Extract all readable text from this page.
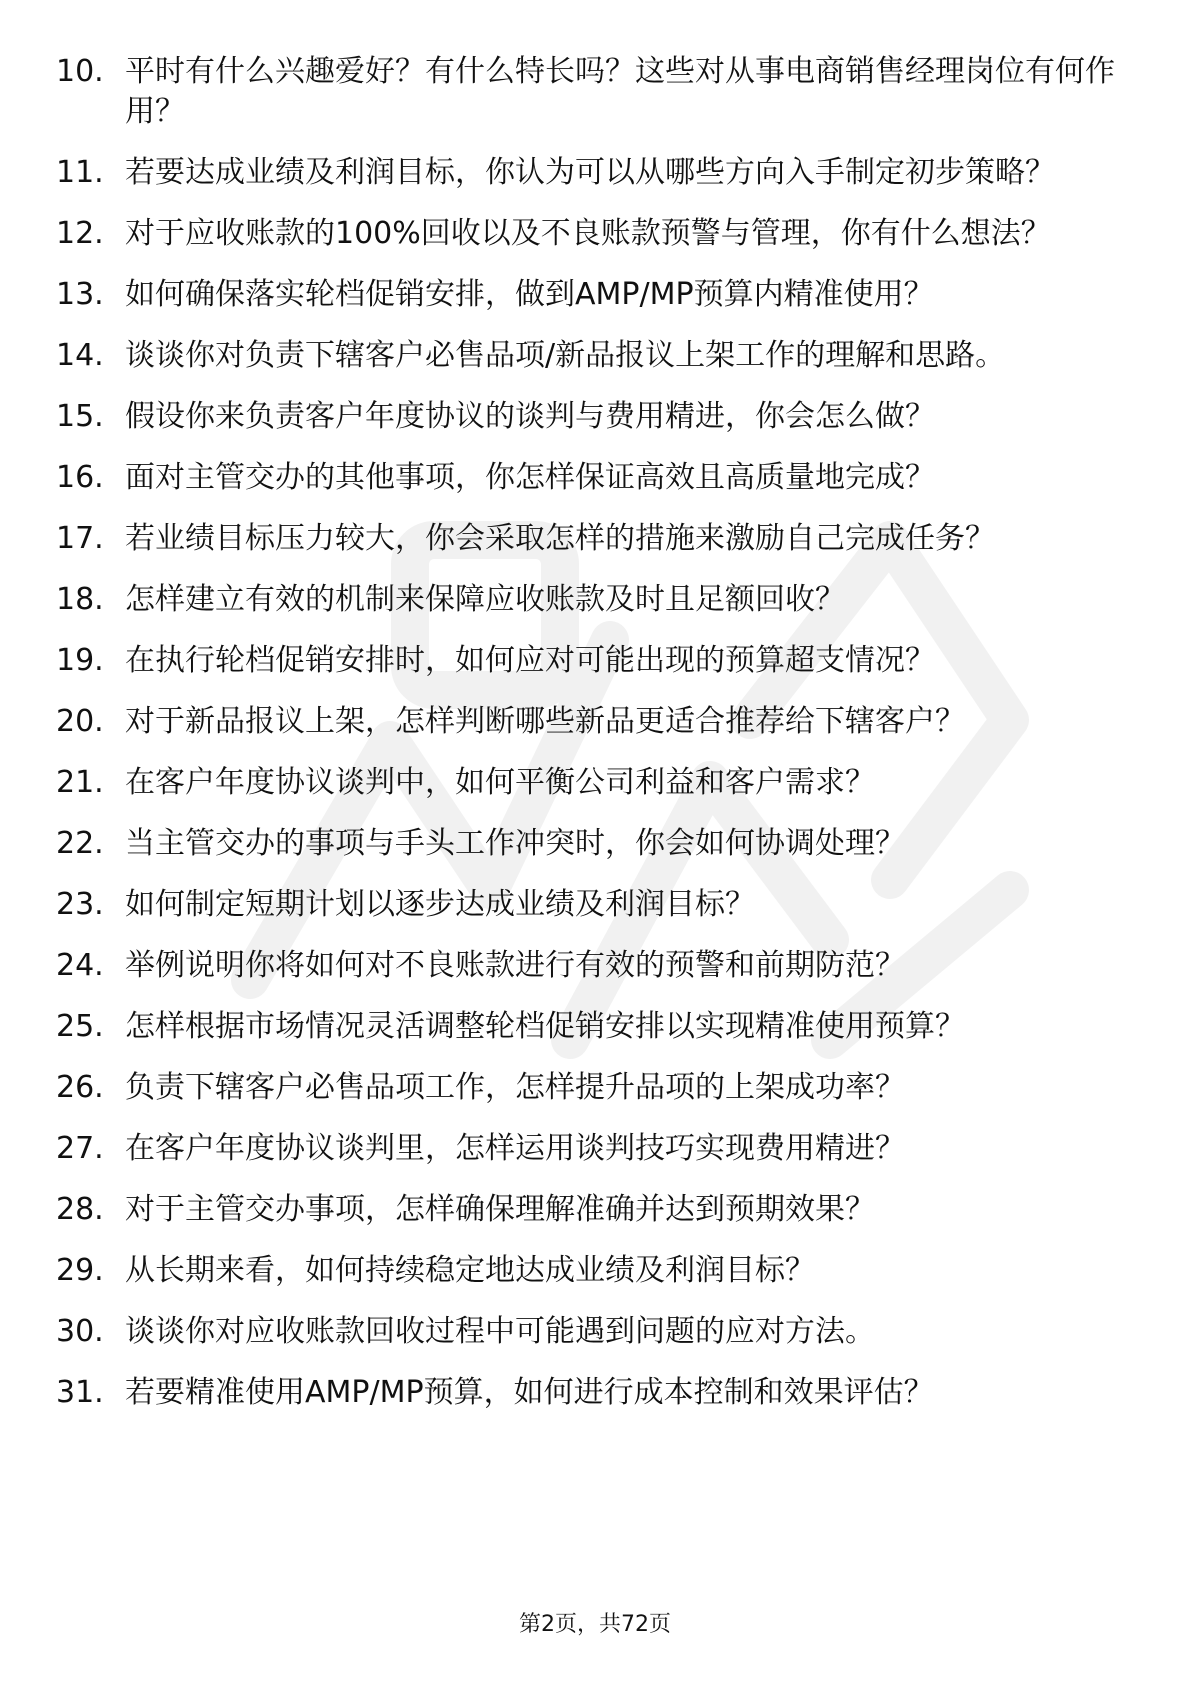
10. 平时有什么兴趣爱好？有什么特长吗？这些对从事电商销售经理岗位有何作用？
11. 若要达成业绩及利润目标，你认为可以从哪些方向入手制定初步策略？
12. 对于应收账款的100%回收以及不良账款预警与管理，你有什么想法？
13. 如何确保落实轮档促销安排，做到AMP/MP预算内精准使用？
14. 谈谈你对负责下辖客户必售品项/新品报议上架工作的理解和思路。
15. 假设你来负责客户年度协议的谈判与费用精进，你会怎么做？
16. 面对主管交办的其他事项，你怎样保证高效且高质量地完成？
17. 若业绩目标压力较大，你会采取怎样的措施来激励自己完成任务？
18. 怎样建立有效的机制来保障应收账款及时且足额回收？
19. 在执行轮档促销安排时，如何应对可能出现的预算超支情况？
20. 对于新品报议上架，怎样判断哪些新品更适合推荐给下辖客户？
21. 在客户年度协议谈判中，如何平衡公司利益和客户需求？
22. 当主管交办的事项与手头工作冲突时，你会如何协调处理？
23. 如何制定短期计划以逐步达成业绩及利润目标？
24. 举例说明你将如何对不良账款进行有效的预警和前期防范？
25. 怎样根据市场情况灵活调整轮档促销安排以实现精准使用预算？
26. 负责下辖客户必售品项工作，怎样提升品项的上架成功率？
27. 在客户年度协议谈判里，怎样运用谈判技巧实现费用精进？
28. 对于主管交办事项，怎样确保理解准确并达到预期效果？
29. 从长期来看，如何持续稳定地达成业绩及利润目标？
30. 谈谈你对应收账款回收过程中可能遇到问题的应对方法。
31. 若要精准使用AMP/MP预算，如何进行成本控制和效果评估？
第2页，共72页
